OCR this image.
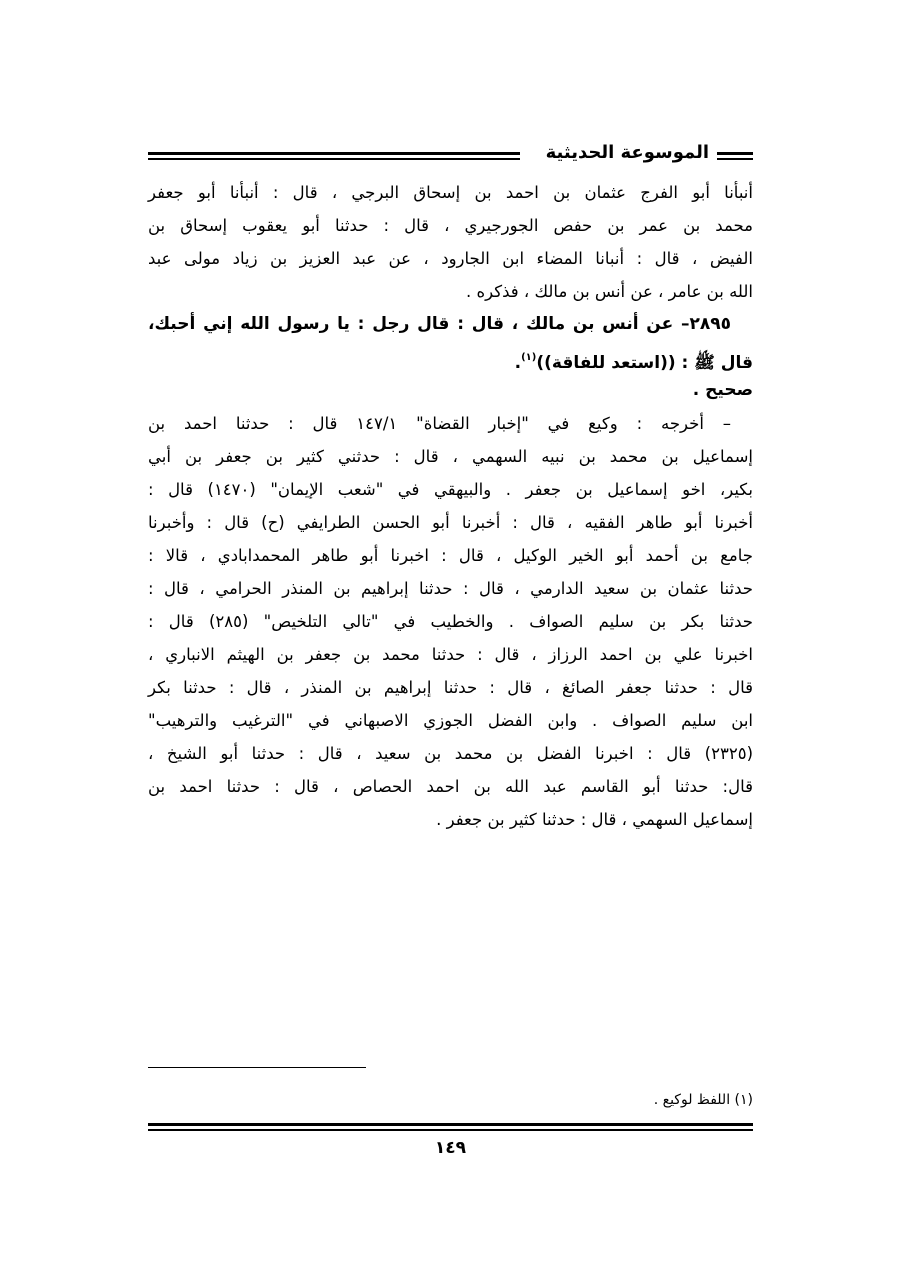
الموسوعة الحديثية
أنبأنا أبو الفرج عثمان بن احمد بن إسحاق البرجي ، قال : أنبأنا أبو جعفر
محمد بن عمر بن حفص الجورجيري ، قال : حدثنا أبو يعقوب إسحاق بن
الفيض ، قال : أنبانا المضاء ابن الجارود ، عن عبد العزيز بن زياد مولى عبد
الله بن عامر ، عن أنس بن مالك ، فذكره .
٢٨٩٥– عن أنس بن مالك ، قال : قال رجل : يا رسول الله إني أحبك،
قال ﷺ : ((استعد للفاقة))$^{(١)}$.
صحيح .
– أخرجه : وكيع في "إخبار القضاة" ١٤٧/١ قال : حدثنا احمد بن
إسماعيل بن محمد بن نبيه السهمي ، قال : حدثني كثير بن جعفر بن أبي
بكير، اخو إسماعيل بن جعفر . والبيهقي في "شعب الإيمان" (١٤٧٠) قال :
أخبرنا أبو طاهر الفقيه ، قال : أخبرنا أبو الحسن الطرايفي (ح) قال : وأخبرنا
جامع بن أحمد أبو الخير الوكيل ، قال : اخبرنا أبو طاهر المحمدابادي ، قالا :
حدثنا عثمان بن سعيد الدارمي ، قال : حدثنا إبراهيم بن المنذر الحرامي ، قال :
حدثنا بكر بن سليم الصواف . والخطيب في "تالي التلخيص" (٢٨٥) قال :
اخبرنا علي بن احمد الرزاز ، قال : حدثنا محمد بن جعفر بن الهيثم الانباري ،
قال : حدثنا جعفر الصائغ ، قال : حدثنا إبراهيم بن المنذر ، قال : حدثنا بكر
ابن سليم الصواف . وابن الفضل الجوزي الاصبهاني في "الترغيب والترهيب"
(٢٣٢٥) قال : اخبرنا الفضل بن محمد بن سعيد ، قال : حدثنا أبو الشيخ ،
قال: حدثنا أبو القاسم عبد الله بن احمد الحصاص ، قال : حدثنا احمد بن
إسماعيل السهمي ، قال : حدثنا كثير بن جعفر .
(١) اللفظ لوكيع .
١٤٩
